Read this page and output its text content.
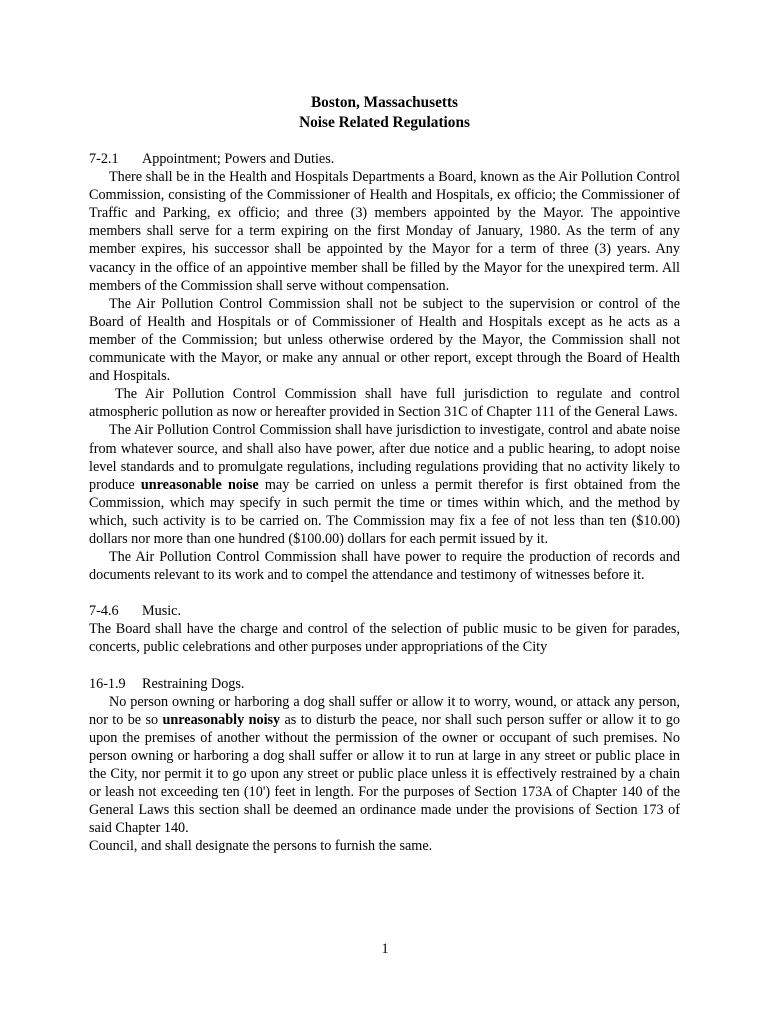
Boston, Massachusetts
Noise Related Regulations
7-2.1 Appointment; Powers and Duties.

There shall be in the Health and Hospitals Departments a Board, known as the Air Pollution Control Commission, consisting of the Commissioner of Health and Hospitals, ex officio; the Commissioner of Traffic and Parking, ex officio; and three (3) members appointed by the Mayor. The appointive members shall serve for a term expiring on the first Monday of January, 1980. As the term of any member expires, his successor shall be appointed by the Mayor for a term of three (3) years. Any vacancy in the office of an appointive member shall be filled by the Mayor for the unexpired term. All members of the Commission shall serve without compensation.

The Air Pollution Control Commission shall not be subject to the supervision or control of the Board of Health and Hospitals or of Commissioner of Health and Hospitals except as he acts as a member of the Commission; but unless otherwise ordered by the Mayor, the Commission shall not communicate with the Mayor, or make any annual or other report, except through the Board of Health and Hospitals.

The Air Pollution Control Commission shall have full jurisdiction to regulate and control atmospheric pollution as now or hereafter provided in Section 31C of Chapter 111 of the General Laws.

The Air Pollution Control Commission shall have jurisdiction to investigate, control and abate noise from whatever source, and shall also have power, after due notice and a public hearing, to adopt noise level standards and to promulgate regulations, including regulations providing that no activity likely to produce unreasonable noise may be carried on unless a permit therefor is first obtained from the Commission, which may specify in such permit the time or times within which, and the method by which, such activity is to be carried on. The Commission may fix a fee of not less than ten ($10.00) dollars nor more than one hundred ($100.00) dollars for each permit issued by it.

The Air Pollution Control Commission shall have power to require the production of records and documents relevant to its work and to compel the attendance and testimony of witnesses before it.

7-4.6 Music.

The Board shall have the charge and control of the selection of public music to be given for parades, concerts, public celebrations and other purposes under appropriations of the City

16-1.9 Restraining Dogs.

No person owning or harboring a dog shall suffer or allow it to worry, wound, or attack any person, nor to be so unreasonably noisy as to disturb the peace, nor shall such person suffer or allow it to go upon the premises of another without the permission of the owner or occupant of such premises. No person owning or harboring a dog shall suffer or allow it to run at large in any street or public place in the City, nor permit it to go upon any street or public place unless it is effectively restrained by a chain or leash not exceeding ten (10') feet in length. For the purposes of Section 173A of Chapter 140 of the General Laws this section shall be deemed an ordinance made under the provisions of Section 173 of said Chapter 140.

Council, and shall designate the persons to furnish the same.

1
